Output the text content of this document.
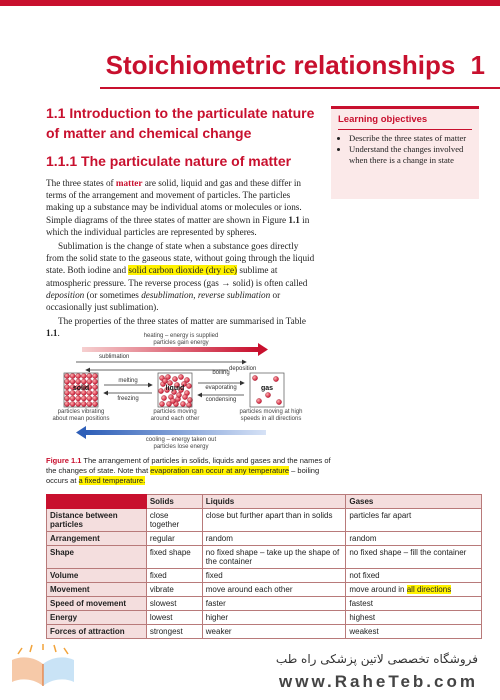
Stoichiometric relationships 1
1.1 Introduction to the particulate nature
of matter and chemical change
1.1.1 The particulate nature of matter
Learning objectives
• Describe the three states of matter
• Understand the changes involved when there is a change in state

The three states of matter are solid, liquid and gas and these differ in terms of the arrangement and movement of particles. The particles making up a substance may be individual atoms or molecules or ions. Simple diagrams of the three states of matter are shown in Figure 1.1 in which the individual particles are represented by spheres.

Sublimation is the change of state when a substance goes directly from the solid state to the gaseous state, without going through the liquid state. Both iodine and solid carbon dioxide (dry ice) sublime at atmospheric pressure. The reverse process (gas → solid) is often called deposition (or sometimes desublimation, reverse sublimation or occasionally just sublimation).

The properties of the three states of matter are summarised in Table 1.1.	heating – energy is supplied
particles gain energy
sublimation
deposition
solid	liquid	gas
melting
freezing
boiling
evaporating
condensing
particles vibrating
about mean positions
particles moving
around each other
particles moving at high
speeds in all directions
cooling – energy taken out
particles lose energy
Figure 1.1 The arrangement of particles in solids, liquids and gases and the names of the changes of state. Note that evaporation can occur at any temperature – boiling occurs at a fixed temperature.
	Solids	Liquids	Gases
Distance between particles	close together	close but further apart than in solids	particles far apart
Arrangement	regular	random	random
Shape	fixed shape	no fixed shape – take up the shape of the container	no fixed shape – fill the container
Volume	fixed	fixed	not fixed
Movement	vibrate	move around each other	move around in all directions
Speed of movement	slowest	faster	fastest
Energy	lowest	higher	highest
Forces of attraction	strongest	weaker	weakest
فروشگاه تخصصی لاتین پزشکی راه طب
www.RaheTeb.com
